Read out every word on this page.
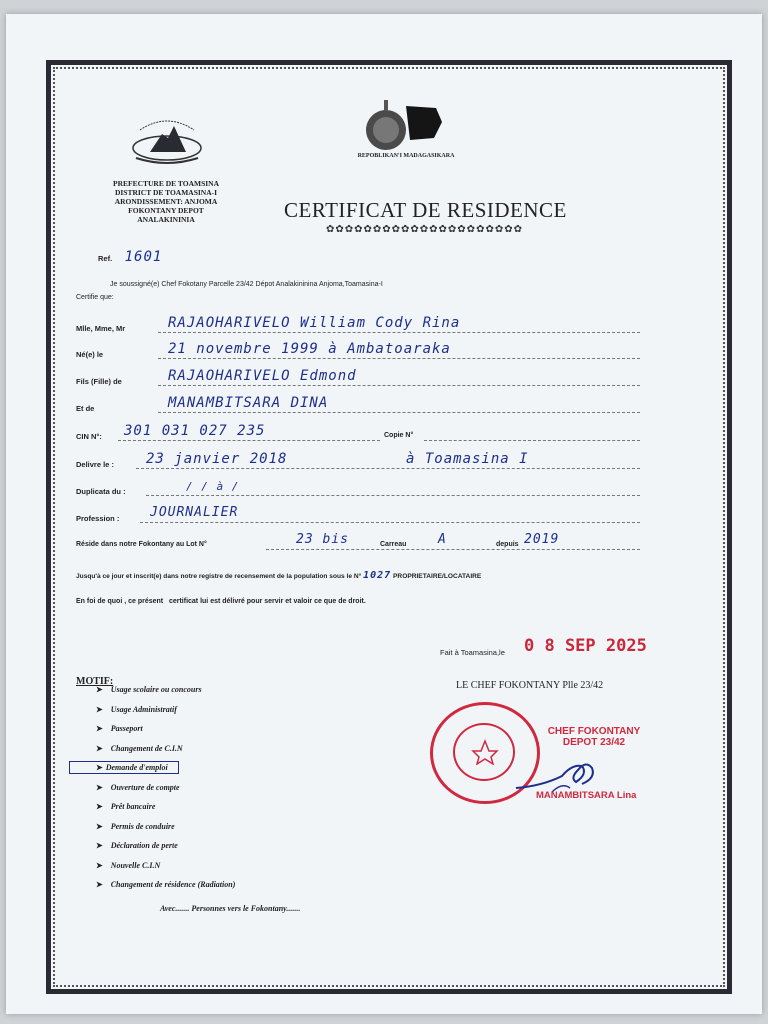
REPOBLIKAN'I MADAGASIKARA
PREFECTURE DE TOAMSINA
DISTRICT DE TOAMASINA-I
ARONDISSEMENT: ANJOMA
FOKONTANY DEPOT
ANALAKININIA
Ref. 1601
CERTIFICAT DE RESIDENCE
✿✿✿✿✿✿✿✿✿✿✿✿✿✿✿✿✿✿✿✿✿
Je soussigné(e) Chef Fokotany Parcelle 23/42 Dépot Analakininina Anjoma,Toamasina-I
Certifie que:
Mlle, Mme, Mr	RAJAOHARIVELO William Cody Rina
Né(e) le	21 novembre 1999 à Ambatoaraka
Fils (Fille) de	RAJAOHARIVELO Edmond
Et de	MANAMBITSARA DINA
CIN N°: 301 031 027 235	Copie N°
Delivre le : 23 janvier 2018	à Toamasina I
Duplicata du :	/ / à /
Profession : JOURNALIER
Réside dans notre Fokontany au Lot N°	23 bis	Carreau A	depuis 2019
Jusqu'à ce jour et inscrit(e) dans notre registre de recensement de la population sous le N° 1027 PROPRIETAIRE/LOCATAIRE
En foi de quoi , ce présent   certificat lui est délivré pour servir et valoir ce que de droit.
Fait à Toamasina,le 0 8 SEP 2025
LE CHEF FOKONTANY Plle 23/42
CHEF FOKONTANY
DEPOT 23/42
MANAMBITSARA Lina
MOTIF:
➤ Usage scolaire ou concours
➤ Usage Administratif
➤ Passeport
➤ Changement de C.I.N
➤ Demande d'emploi
➤ Ouverture de compte
➤ Prêt bancaire
➤ Permis de conduire
➤ Déclaration de perte
➤ Nouvelle C.I.N
➤ Changement de résidence (Radiation)
Avec....... Personnes vers le Fokontany.......
